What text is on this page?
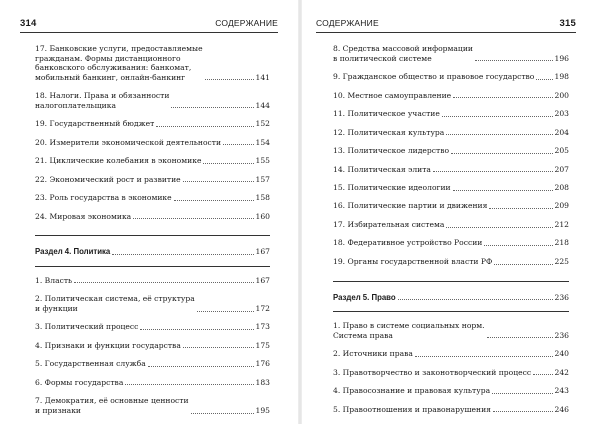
314	СОДЕРЖАНИЕ
17. Банковские услуги, предоставляемые
гражданам. Формы дистанционного
банковского обслуживания: банкомат,
мобильный банкинг, онлайн-банкинг	141
18. Налоги. Права и обязанности
налогоплательщика	144
19. Государственный бюджет	152
20. Измерители экономической деятельности	154
21. Циклические колебания в экономике	155
22. Экономический рост и развитие	157
23. Роль государства в экономике	158
24. Мировая экономика	160
Раздел 4. Политика	167
1. Власть	167
2. Политическая система, её структура
и функции	172
3. Политический процесс	173
4. Признаки и функции государства	175
5. Государственная служба	176
6. Формы государства	183
7. Демократия, её основные ценности
и признаки	195
СОДЕРЖАНИЕ	315
8. Средства массовой информации
в политической системе	196
9. Гражданское общество и правовое государство	198
10. Местное самоуправление	200
11. Политическое участие	203
12. Политическая культура	204
13. Политическое лидерство	205
14. Политическая элита	207
15. Политические идеологии	208
16. Политические партии и движения	209
17. Избирательная система	212
18. Федеративное устройство России	218
19. Органы государственной власти РФ	225
Раздел 5. Право	236
1. Право в системе социальных норм.
Система права	236
2. Источники права	240
3. Правотворчество и законотворческий процесс	242
4. Правосознание и правовая культура	243
5. Правоотношения и правонарушения	246
